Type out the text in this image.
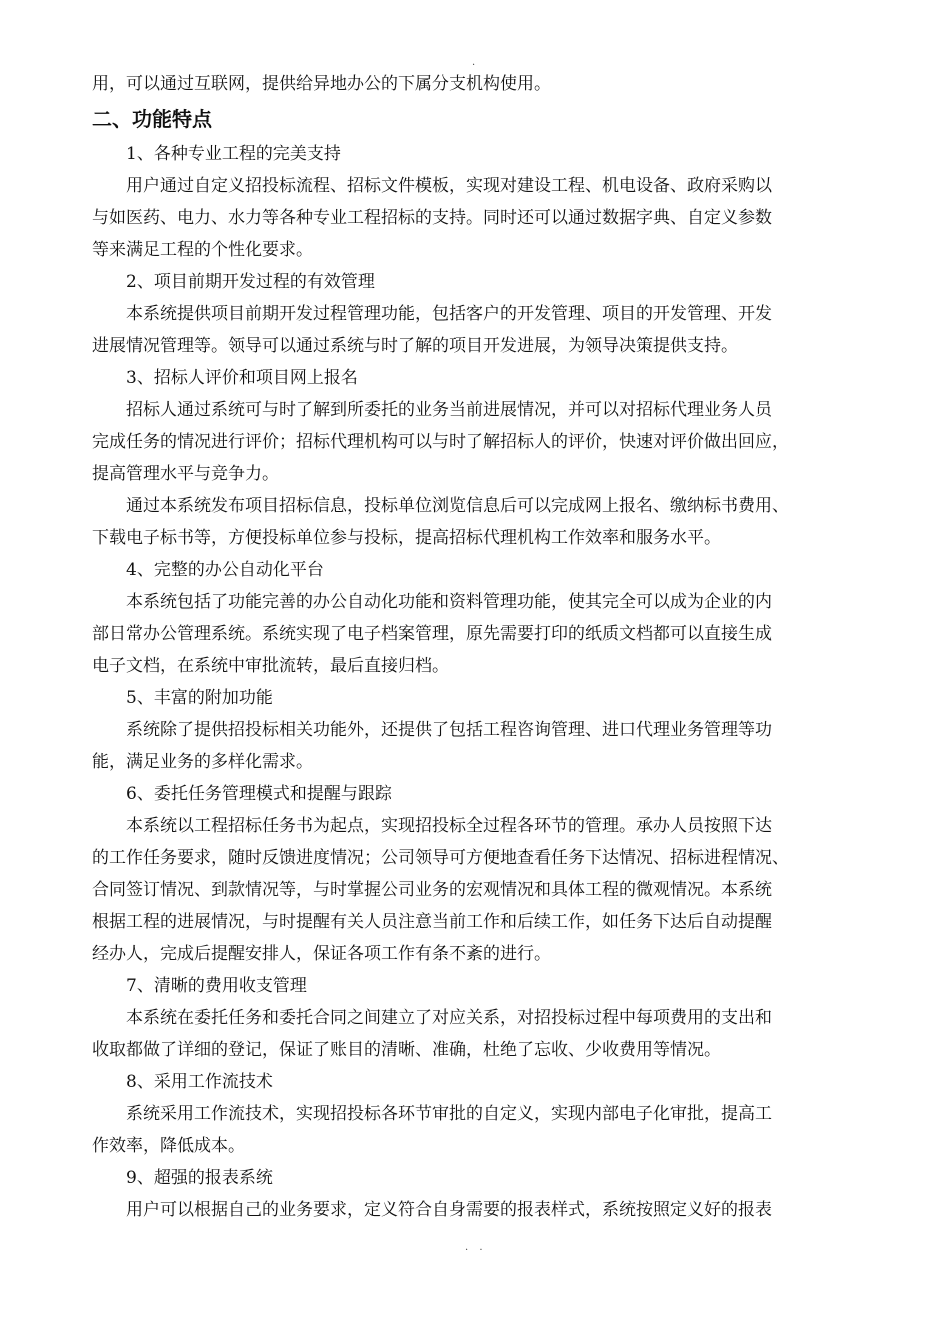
.
用，可以通过互联网，提供给异地办公的下属分支机构使用。
二、功能特点
1、各种专业工程的完美支持
用户通过自定义招投标流程、招标文件模板，实现对建设工程、机电设备、政府采购以
与如医药、电力、水力等各种专业工程招标的支持。同时还可以通过数据字典、自定义参数
等来满足工程的个性化要求。
2、项目前期开发过程的有效管理
本系统提供项目前期开发过程管理功能，包括客户的开发管理、项目的开发管理、开发
进展情况管理等。领导可以通过系统与时了解的项目开发进展，为领导决策提供支持。
3、招标人评价和项目网上报名
招标人通过系统可与时了解到所委托的业务当前进展情况，并可以对招标代理业务人员
完成任务的情况进行评价；招标代理机构可以与时了解招标人的评价，快速对评价做出回应，
提高管理水平与竞争力。
通过本系统发布项目招标信息，投标单位浏览信息后可以完成网上报名、缴纳标书费用、
下载电子标书等，方便投标单位参与投标，提高招标代理机构工作效率和服务水平。
4、完整的办公自动化平台
本系统包括了功能完善的办公自动化功能和资料管理功能，使其完全可以成为企业的内
部日常办公管理系统。系统实现了电子档案管理，原先需要打印的纸质文档都可以直接生成
电子文档，在系统中审批流转，最后直接归档。
5、丰富的附加功能
系统除了提供招投标相关功能外，还提供了包括工程咨询管理、进口代理业务管理等功
能，满足业务的多样化需求。
6、委托任务管理模式和提醒与跟踪
本系统以工程招标任务书为起点，实现招投标全过程各环节的管理。承办人员按照下达
的工作任务要求，随时反馈进度情况；公司领导可方便地查看任务下达情况、招标进程情况、
合同签订情况、到款情况等，与时掌握公司业务的宏观情况和具体工程的微观情况。本系统
根据工程的进展情况，与时提醒有关人员注意当前工作和后续工作，如任务下达后自动提醒
经办人，完成后提醒安排人，保证各项工作有条不紊的进行。
7、清晰的费用收支管理
本系统在委托任务和委托合同之间建立了对应关系，对招投标过程中每项费用的支出和
收取都做了详细的登记，保证了账目的清晰、准确，杜绝了忘收、少收费用等情况。
8、采用工作流技术
系统采用工作流技术，实现招投标各环节审批的自定义，实现内部电子化审批，提高工
作效率，降低成本。
9、超强的报表系统
用户可以根据自己的业务要求，定义符合自身需要的报表样式，系统按照定义好的报表
. .
